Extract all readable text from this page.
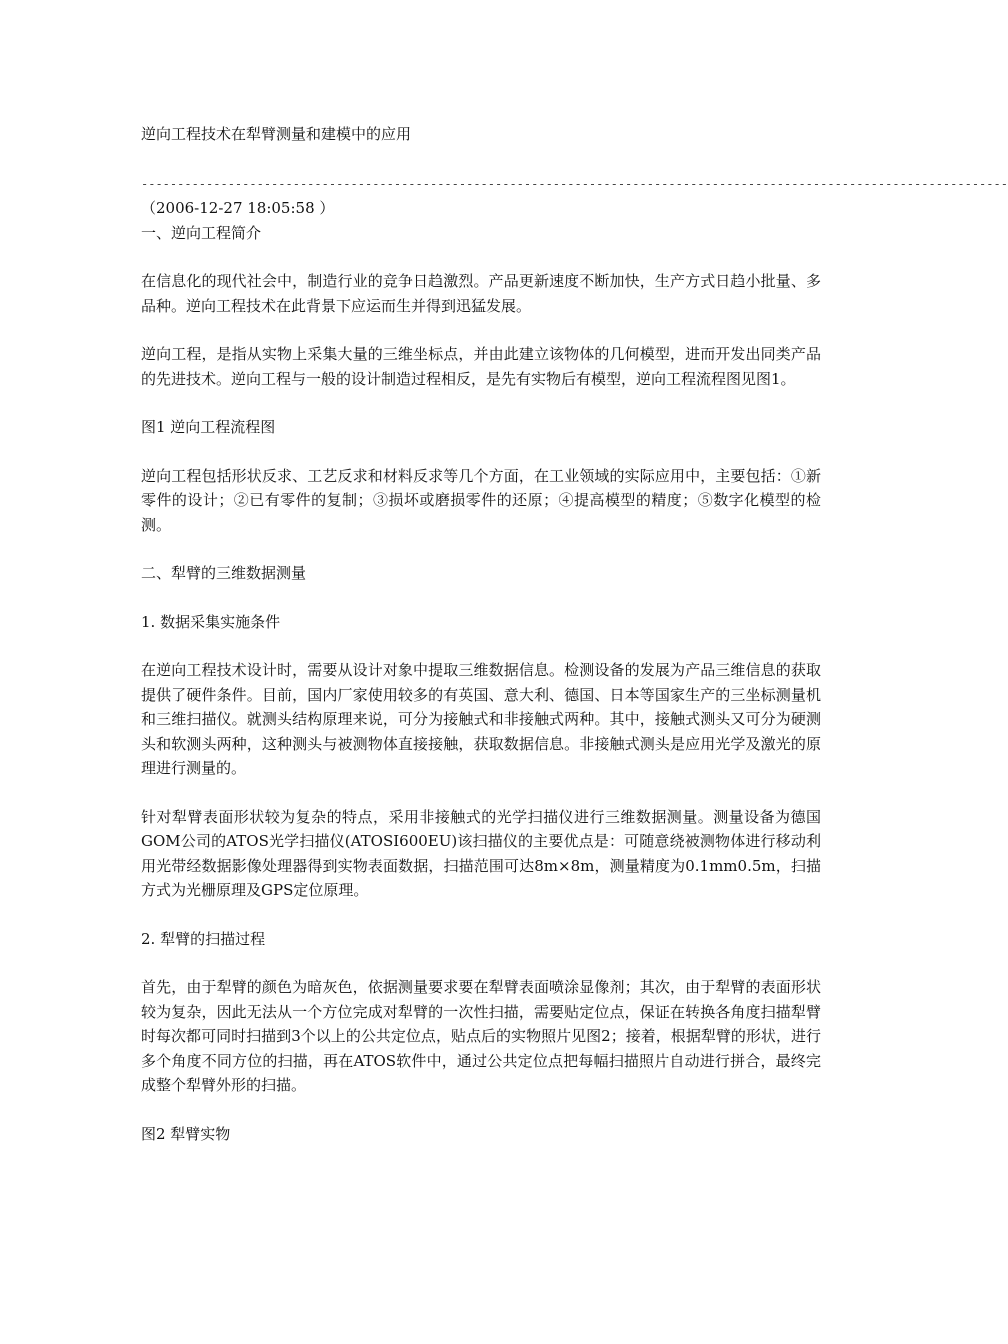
逆向工程技术在犁臂测量和建模中的应用
------------------------------------------------------------------------------------------------------------------------
（2006-12-27 18:05:58 ）
一、逆向工程简介

在信息化的现代社会中，制造行业的竞争日趋激烈。产品更新速度不断加快，生产方式日趋小批量、多品种。逆向工程技术在此背景下应运而生并得到迅猛发展。

逆向工程，是指从实物上采集大量的三维坐标点，并由此建立该物体的几何模型，进而开发出同类产品的先进技术。逆向工程与一般的设计制造过程相反，是先有实物后有模型，逆向工程流程图见图1。

图1 逆向工程流程图

逆向工程包括形状反求、工艺反求和材料反求等几个方面，在工业领域的实际应用中，主要包括：①新零件的设计；②已有零件的复制；③损坏或磨损零件的还原；④提高模型的精度；⑤数字化模型的检测。

二、犁臂的三维数据测量
1. 数据采集实施条件

在逆向工程技术设计时，需要从设计对象中提取三维数据信息。检测设备的发展为产品三维信息的获取提供了硬件条件。目前，国内厂家使用较多的有英国、意大利、德国、日本等国家生产的三坐标测量机和三维扫描仪。就测头结构原理来说，可分为接触式和非接触式两种。其中，接触式测头又可分为硬测头和软测头两种，这种测头与被测物体直接接触，获取数据信息。非接触式测头是应用光学及激光的原理进行测量的。

针对犁臂表面形状较为复杂的特点，采用非接触式的光学扫描仪进行三维数据测量。测量设备为德国GOM公司的ATOS光学扫描仪(ATOSI600EU)该扫描仪的主要优点是：可随意绕被测物体进行移动利用光带经数据影像处理器得到实物表面数据，扫描范围可达8m×8m，测量精度为0.1mm0.5m，扫描方式为光栅原理及GPS定位原理。

2. 犁臂的扫描过程

首先，由于犁臂的颜色为暗灰色，依据测量要求要在犁臂表面喷涂显像剂；其次，由于犁臂的表面形状较为复杂，因此无法从一个方位完成对犁臂的一次性扫描，需要贴定位点，保证在转换各角度扫描犁臂时每次都可同时扫描到3个以上的公共定位点，贴点后的实物照片见图2；接着，根据犁臂的形状，进行多个角度不同方位的扫描，再在ATOS软件中，通过公共定位点把每幅扫描照片自动进行拼合，最终完成整个犁臂外形的扫描。

图2 犁臂实物
